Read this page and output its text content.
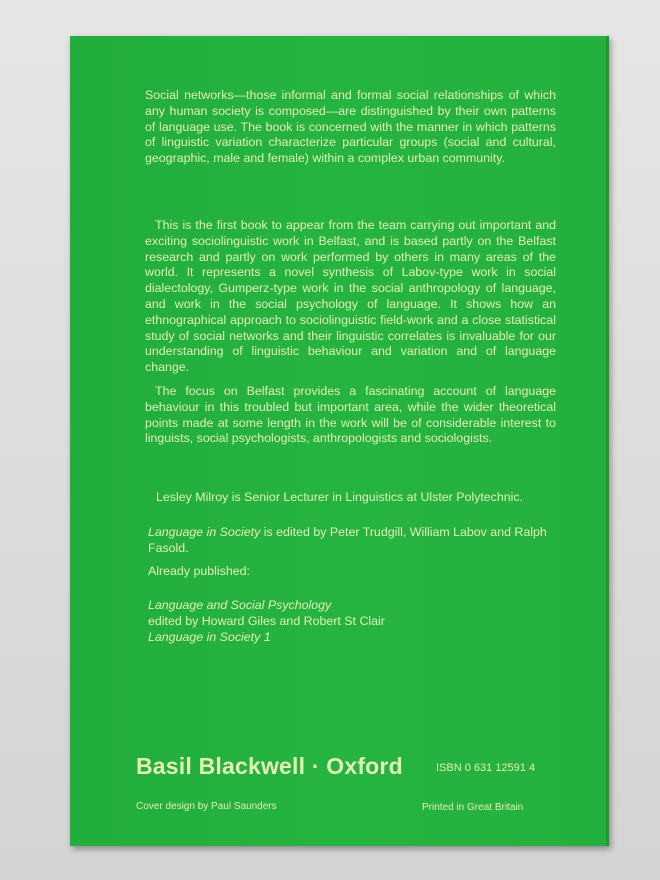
Social networks—those informal and formal social relationships of which any human society is composed—are distinguished by their own patterns of language use. The book is concerned with the manner in which patterns of linguistic variation characterize particular groups (social and cultural, geographic, male and female) within a complex urban community.
This is the first book to appear from the team carrying out important and exciting sociolinguistic work in Belfast, and is based partly on the Belfast research and partly on work performed by others in many areas of the world. It represents a novel synthesis of Labov-type work in social dialectology, Gumperz-type work in the social anthropology of language, and work in the social psychology of language. It shows how an ethnographical approach to sociolinguistic field-work and a close statistical study of social networks and their linguistic correlates is invaluable for our understanding of linguistic behaviour and variation and of language change.
The focus on Belfast provides a fascinating account of language behaviour in this troubled but important area, while the wider theoretical points made at some length in the work will be of considerable interest to linguists, social psychologists, anthropologists and sociologists.
Lesley Milroy is Senior Lecturer in Linguistics at Ulster Polytechnic.
Language in Society is edited by Peter Trudgill, William Labov and Ralph Fasold.
Already published:
Language and Social Psychology
edited by Howard Giles and Robert St Clair
Language in Society 1
Basil Blackwell · Oxford	ISBN 0 631 12591 4
Cover design by Paul Saunders	Printed in Great Britain
